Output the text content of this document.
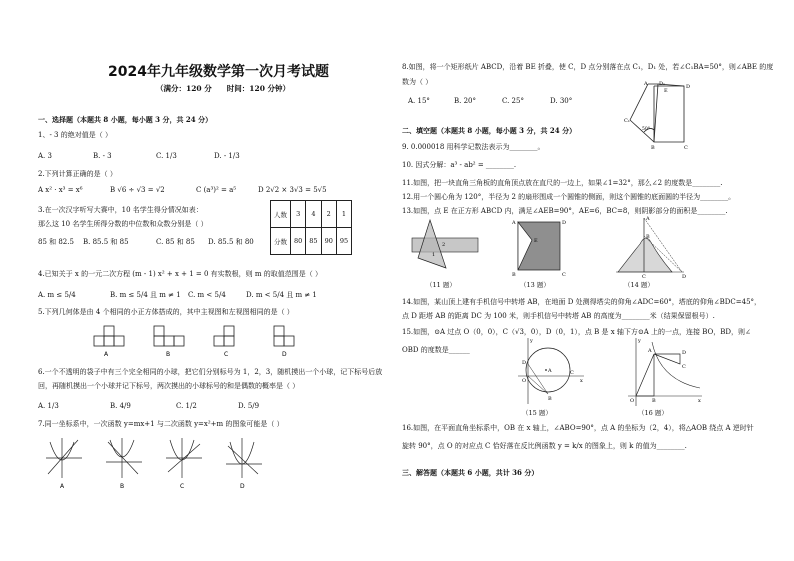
2024年九年级数学第一次月考试题
（满分：120 分　　时间：120 分钟）
一、选择题（本题共 8 小题，每小题 3 分，共 24 分）
1、- 3 的绝对值是（ ）
A. 3	B. - 3	C. 1/3	D. - 1/3
2.下列计算正确的是（ ）
A x² · x³ = x⁶	B √6 ÷ √3 = √2	C (a³)² = a⁵	D 2√2 × 3√3 = 5√5
3.在一次汉字听写大赛中，10 名学生得分情况如表：
那么这 10 名学生所得分数的中位数和众数分别是（ ）
85 和 82.5 B. 85.5 和 85	C. 85 和 85 D. 85.5 和 80
人数	3	4	2	1
分数	80	85	90	95
4.已知关于 x 的一元二次方程 (m - 1) x² + x + 1 = 0 有实数根，则 m 的取值范围是（ ）
A. m ≤ 5/4	B. m ≤ 5/4 且 m ≠ 1 C. m < 5/4	D. m < 5/4 且 m ≠ 1
5.下列几何体是由 4 个相同的小正方体搭成的，其中主视图和左视图相同的是（ ）
A	B	C	D
6.一个不透明的袋子中有三个完全相同的小球，把它们分别标号为 1，2，3，随机摸出一个小球，记下标号后放
回，再随机摸出一个小球并记下标号，两次摸出的小球标号的和是偶数的概率是（ ）
A. 1/3	B. 4/9	C. 1/2	D. 5/9
7.同一坐标系中，一次函数 y=mx+1 与二次函数 y=x²+m 的图象可能是（ ）
A	B	C	D
8.如图，将一个矩形纸片 ABCD，沿着 BE 折叠，使 C，D 点分别落在点 C₁，D₁ 处，若∠C₁BA=50°，则∠ABE 的度
数为（ ）
A. 15°	B. 20°	C. 25°	D. 30°
A D₁	D
E
C₁
50°
B	C
二、填空题（本题共 8 小题，每小题 3 分，共 24 分）
9. 0.000018 用科学记数法表示为________。
10. 因式分解：a³ - ab² = ________.
11.如图，把一块直角三角板的直角顶点放在直尺的一边上，如果∠1=32°，那么∠2 的度数是________.
12.用一个圆心角为 120°，半径为 2 的扇形围成一个圆锥的侧面，则这个圆锥的底面圆的半径为________。
13.如图，点 E 在正方形 ABCD 内，满足∠AEB=90°，AE=6，BC=8，则阴影部分的面积是________.
2
1
（11 题）
A	D
E
B	C
（13 题）
A
B
C	D
（14 题）
14.如图，某山顶上建有手机信号中转塔 AB，在地面 D 处测得塔尖的仰角∠ADC=60°，塔底的仰角∠BDC=45°，
点 D 距塔 AB 的距离 DC 为 100 米，则手机信号中转塔 AB 的高度为________米（结果保留根号）.
15.如图，⊙A 过点 O（0，0），C（√3，0），D（0，1），点 B 是 x 轴下方⊙A 上的一点，连接 BO，BD，则∠
OBD 的度数是______
y
D
A
O
C
x
B
（15 题）
y
A	D
C
O	B	x
（16 题）
16.如图，在平面直角坐标系中，OB 在 x 轴上，∠ABO=90°，点 A 的坐标为（2，4），将△AOB 绕点 A 逆时针
旋转 90°，点 O 的对应点 C 恰好落在反比例函数 y = k/x 的图象上，则 k 的值为________.
三、解答题（本题共 6 小题，共计 36 分）
